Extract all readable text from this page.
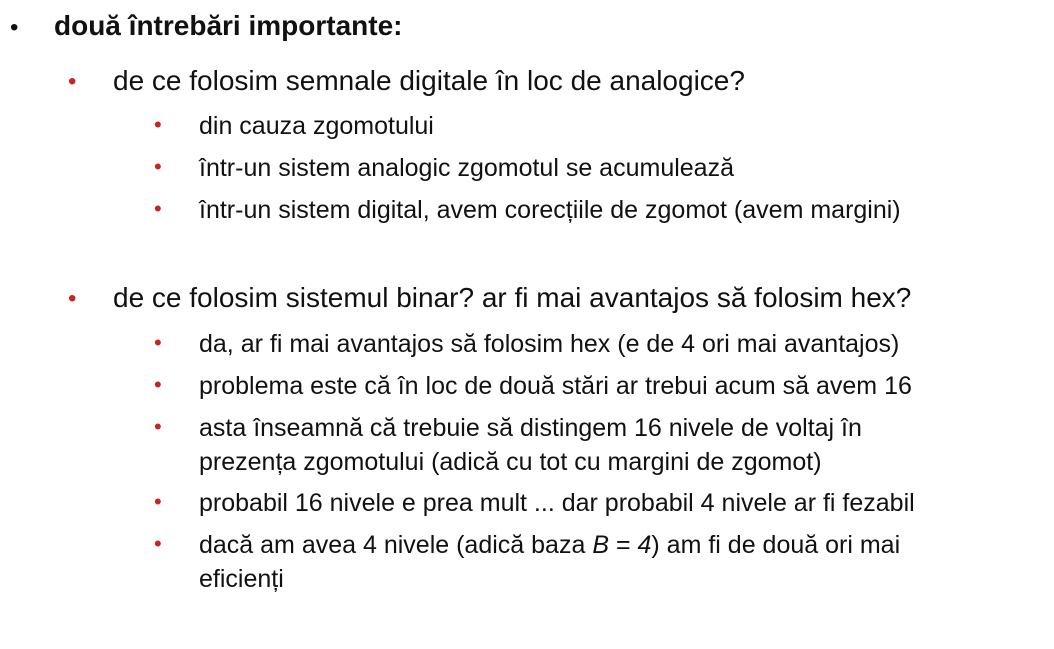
• două întrebări importante:
• de ce folosim semnale digitale în loc de analogice?
• din cauza zgomotului
• într-un sistem analogic zgomotul se acumulează
• într-un sistem digital, avem corecțiile de zgomot (avem margini)
• de ce folosim sistemul binar? ar fi mai avantajos să folosim hex?
• da, ar fi mai avantajos să folosim hex (e de 4 ori mai avantajos)
• problema este că în loc de două stări ar trebui acum să avem 16
• asta înseamnă că trebuie să distingem 16 nivele de voltaj în
prezența zgomotului (adică cu tot cu margini de zgomot)
• probabil 16 nivele e prea mult ... dar probabil 4 nivele ar fi fezabil
• dacă am avea 4 nivele (adică baza B = 4) am fi de două ori mai
eficienți
